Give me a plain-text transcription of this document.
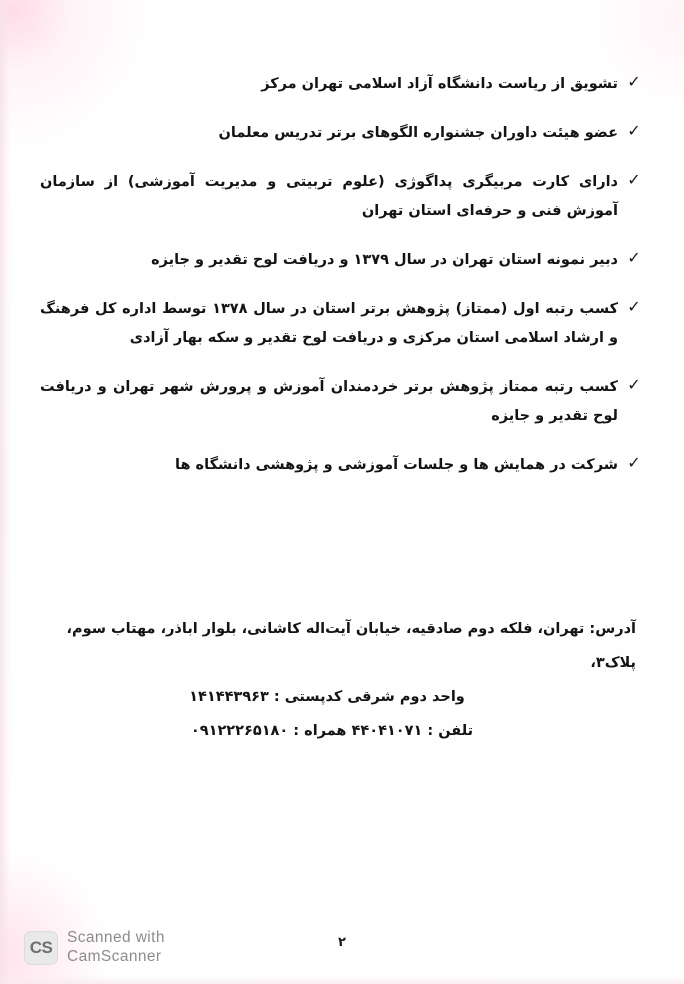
✓
تشویق از ریاست دانشگاه آزاد اسلامی تهران مرکز
✓
عضو هیئت داوران جشنواره الگوهای برتر تدریس معلمان
✓
دارای کارت مربیگری پداگوژی (علوم تربیتی و مدیریت آموزشی) از سازمان آموزش فنی و حرفه‌ای استان تهران
✓
دبیر نمونه استان تهران در سال ۱۳۷۹ و دریافت لوح تقدیر و جایزه
✓
کسب رتبه اول (ممتاز) پژوهش برتر استان در سال ۱۳۷۸ توسط اداره کل فرهنگ و ارشاد اسلامی استان مرکزی و دریافت لوح تقدیر و سکه بهار آزادی
✓
کسب رتبه ممتاز پژوهش برتر خردمندان آموزش و پرورش شهر تهران و دریافت لوح تقدیر و جایزه
✓
شرکت در همایش ها و جلسات آموزشی و پژوهشی دانشگاه ها
آدرس: تهران، فلکه دوم صادقیه، خیابان آیت‌اله کاشانی، بلوار اباذر، مهتاب سوم، پلاک۳،
واحد دوم شرقی کدپستی : ۱۴۱۴۴۳۹۶۳
تلفن : ۴۴۰۴۱۰۷۱ همراه : ۰۹۱۲۲۲۶۵۱۸۰
۲
CS Scanned with
CamScanner
